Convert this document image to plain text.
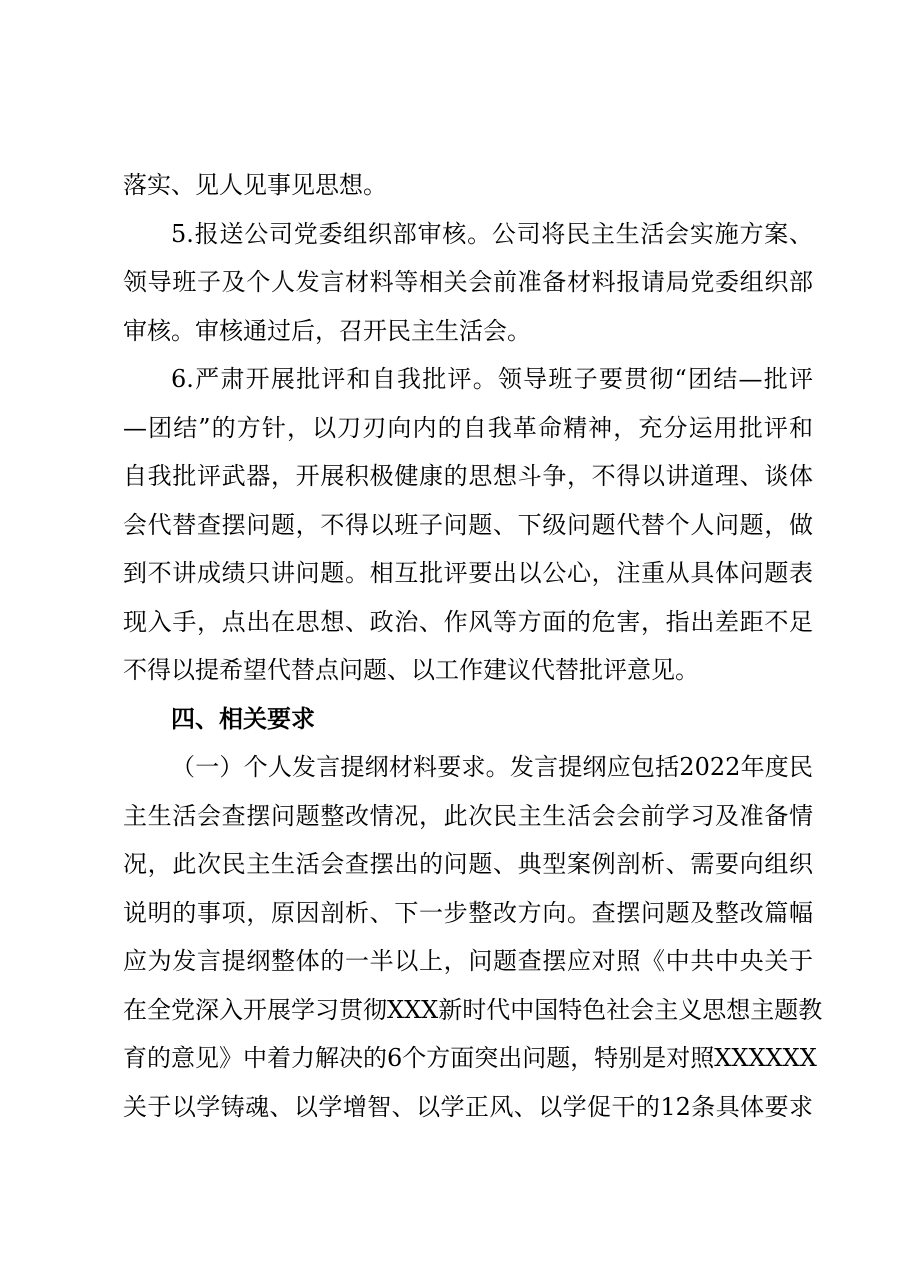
落实、见人见事见思想。
5.报送公司党委组织部审核。公司将民主生活会实施方案、
领导班子及个人发言材料等相关会前准备材料报请局党委组织部
审核。审核通过后，召开民主生活会。
6.严肃开展批评和自我批评。领导班子要贯彻“团结—批评
—团结”的方针，以刀刃向内的自我革命精神，充分运用批评和
自我批评武器，开展积极健康的思想斗争，不得以讲道理、谈体
会代替查摆问题，不得以班子问题、下级问题代替个人问题，做
到不讲成绩只讲问题。相互批评要出以公心，注重从具体问题表
现入手，点出在思想、政治、作风等方面的危害，指出差距不足
不得以提希望代替点问题、以工作建议代替批评意见。
四、相关要求
（一）个人发言提纲材料要求。发言提纲应包括2022年度民
主生活会查摆问题整改情况，此次民主生活会会前学习及准备情
况，此次民主生活会查摆出的问题、典型案例剖析、需要向组织
说明的事项，原因剖析、下一步整改方向。查摆问题及整改篇幅
应为发言提纲整体的一半以上，问题查摆应对照《中共中央关于
在全党深入开展学习贯彻XXX新时代中国特色社会主义思想主题教
育的意见》中着力解决的6个方面突出问题，特别是对照XXXXXX
关于以学铸魂、以学增智、以学正风、以学促干的12条具体要求
